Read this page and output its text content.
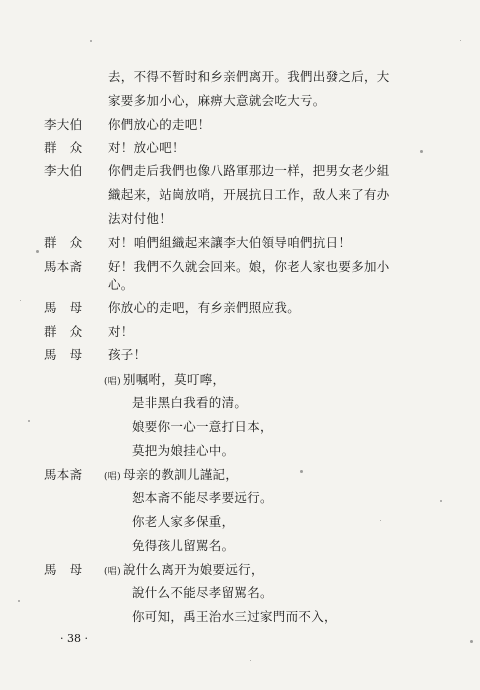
去，不得不暂时和乡亲們离开。我們出發之后，大
家要多加小心，麻痹大意就会吃大亏。
李大伯	你們放心的走吧！
群　众	对！放心吧！
李大伯	你們走后我們也像八路軍那边一样，把男女老少組
織起来，站崗放哨，开展抗日工作，敌人来了有办
法对付他！
群　众	对！咱們組織起来讓李大伯領导咱們抗日！
馬本斋	好！我們不久就会回来。娘，你老人家也要多加小
心。
馬　母	你放心的走吧，有乡亲們照应我。
群　众	对！
馬　母	孩子！
(唱) 别嘱咐，莫叮嚀，
是非黑白我看的清。
娘要你一心一意打日本，
莫把为娘挂心中。
馬本斋	(唱) 母亲的教訓儿謹記，
恕本斋不能尽孝要远行。
你老人家多保重，
免得孩儿留駡名。
馬　母	(唱) 說什么离开为娘要远行，
說什么不能尽孝留駡名。
你可知，禹王治水三过家門而不入，
· 38 ·
